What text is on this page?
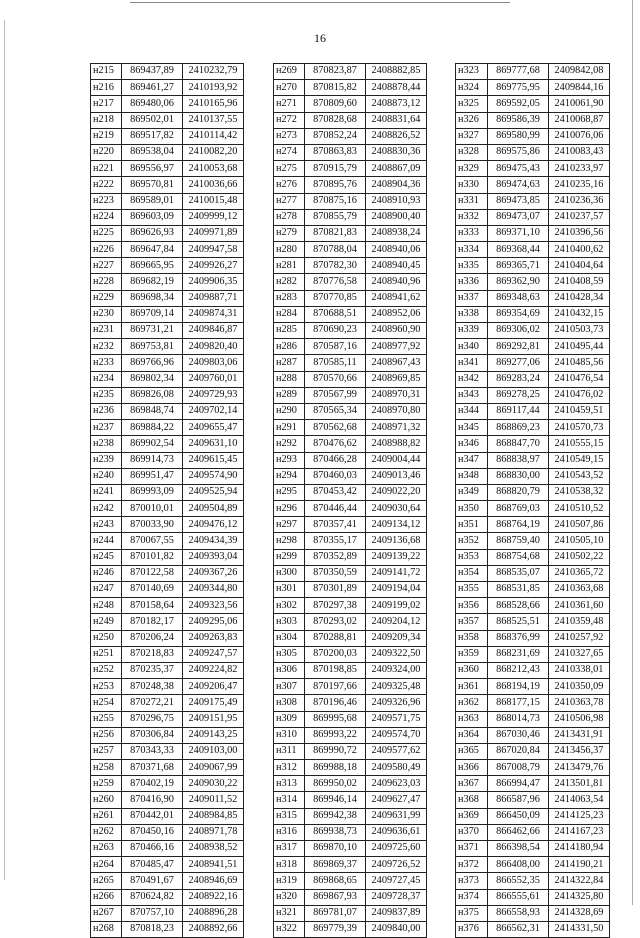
16
н215	869437,89	2410232,79
н216	869461,27	2410193,92
н217	869480,06	2410165,96
н218	869502,01	2410137,55
н219	869517,82	2410114,42
н220	869538,04	2410082,20
н221	869556,97	2410053,68
н222	869570,81	2410036,66
н223	869589,01	2410015,48
н224	869603,09	2409999,12
н225	869626,93	2409971,89
н226	869647,84	2409947,58
н227	869665,95	2409926,27
н228	869682,19	2409906,35
н229	869698,34	2409887,71
н230	869709,14	2409874,31
н231	869731,21	2409846,87
н232	869753,81	2409820,40
н233	869766,96	2409803,06
н234	869802,34	2409760,01
н235	869826,08	2409729,93
н236	869848,74	2409702,14
н237	869884,22	2409655,47
н238	869902,54	2409631,10
н239	869914,73	2409615,45
н240	869951,47	2409574,90
н241	869993,09	2409525,94
н242	870010,01	2409504,89
н243	870033,90	2409476,12
н244	870067,55	2409434,39
н245	870101,82	2409393,04
н246	870122,58	2409367,26
н247	870140,69	2409344,80
н248	870158,64	2409323,56
н249	870182,17	2409295,06
н250	870206,24	2409263,83
н251	870218,83	2409247,57
н252	870235,37	2409224,82
н253	870248,38	2409206,47
н254	870272,21	2409175,49
н255	870296,75	2409151,95
н256	870306,84	2409143,25
н257	870343,33	2409103,00
н258	870371,68	2409067,99
н259	870402,19	2409030,22
н260	870416,90	2409011,52
н261	870442,01	2408984,85
н262	870450,16	2408971,78
н263	870466,16	2408938,52
н264	870485,47	2408941,51
н265	870491,67	2408946,69
н266	870624,82	2408922,16
н267	870757,10	2408896,28
н268	870818,23	2408892,66
н269	870823,87	2408882,85
н270	870815,82	2408878,44
н271	870809,60	2408873,12
н272	870828,68	2408831,64
н273	870852,24	2408826,52
н274	870863,83	2408830,36
н275	870915,79	2408867,09
н276	870895,76	2408904,36
н277	870875,16	2408910,93
н278	870855,79	2408900,40
н279	870821,83	2408938,24
н280	870788,04	2408940,06
н281	870782,30	2408940,45
н282	870776,58	2408940,96
н283	870770,85	2408941,62
н284	870688,51	2408952,06
н285	870690,23	2408960,90
н286	870587,16	2408977,92
н287	870585,11	2408967,43
н288	870570,66	2408969,85
н289	870567,99	2408970,31
н290	870565,34	2408970,80
н291	870562,68	2408971,32
н292	870476,62	2408988,82
н293	870466,28	2409004,44
н294	870460,03	2409013,46
н295	870453,42	2409022,20
н296	870446,44	2409030,64
н297	870357,41	2409134,12
н298	870355,17	2409136,68
н299	870352,89	2409139,22
н300	870350,59	2409141,72
н301	870301,89	2409194,04
н302	870297,38	2409199,02
н303	870293,02	2409204,12
н304	870288,81	2409209,34
н305	870200,03	2409322,50
н306	870198,85	2409324,00
н307	870197,66	2409325,48
н308	870196,46	2409326,96
н309	869995,68	2409571,75
н310	869993,22	2409574,70
н311	869990,72	2409577,62
н312	869988,18	2409580,49
н313	869950,02	2409623,03
н314	869946,14	2409627,47
н315	869942,38	2409631,99
н316	869938,73	2409636,61
н317	869870,10	2409725,60
н318	869869,37	2409726,52
н319	869868,65	2409727,45
н320	869867,93	2409728,37
н321	869781,07	2409837,89
н322	869779,39	2409840,00
н323	869777,68	2409842,08
н324	869775,95	2409844,16
н325	869592,05	2410061,90
н326	869586,39	2410068,87
н327	869580,99	2410076,06
н328	869575,86	2410083,43
н329	869475,43	2410233,97
н330	869474,63	2410235,16
н331	869473,85	2410236,36
н332	869473,07	2410237,57
н333	869371,10	2410396,56
н334	869368,44	2410400,62
н335	869365,71	2410404,64
н336	869362,90	2410408,59
н337	869348,63	2410428,34
н338	869354,69	2410432,15
н339	869306,02	2410503,73
н340	869292,81	2410495,44
н341	869277,06	2410485,56
н342	869283,24	2410476,54
н343	869278,25	2410476,02
н344	869117,44	2410459,51
н345	868869,23	2410570,73
н346	868847,70	2410555,15
н347	868838,97	2410549,15
н348	868830,00	2410543,52
н349	868820,79	2410538,32
н350	868769,03	2410510,52
н351	868764,19	2410507,86
н352	868759,40	2410505,10
н353	868754,68	2410502,22
н354	868535,07	2410365,72
н355	868531,85	2410363,68
н356	868528,66	2410361,60
н357	868525,51	2410359,48
н358	868376,99	2410257,92
н359	868231,69	2410327,65
н360	868212,43	2410338,01
н361	868194,19	2410350,09
н362	868177,15	2410363,78
н363	868014,73	2410506,98
н364	867030,46	2413431,91
н365	867020,84	2413456,37
н366	867008,79	2413479,76
н367	866994,47	2413501,81
н368	866587,96	2414063,54
н369	866450,09	2414125,23
н370	866462,66	2414167,23
н371	866398,54	2414180,94
н372	866408,00	2414190,21
н373	866552,35	2414322,84
н374	866555,61	2414325,80
н375	866558,93	2414328,69
н376	866562,31	2414331,50
